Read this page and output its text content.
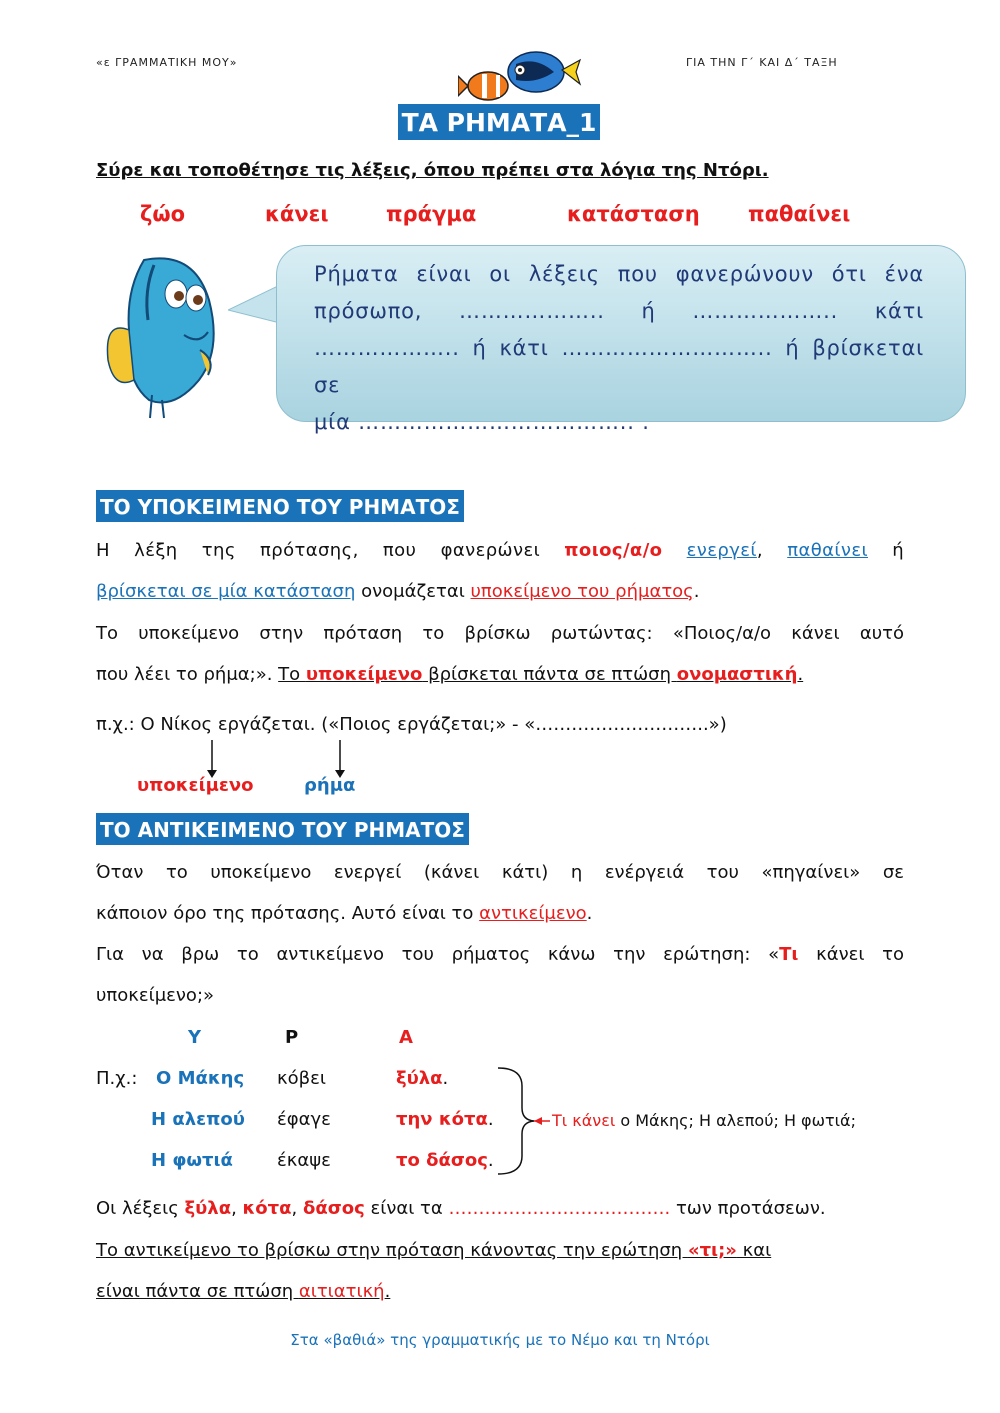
«ε ΓΡΑΜΜΑΤΙΚΗ ΜΟΥ»	ΓΙΑ ΤΗΝ Γ΄ ΚΑΙ Δ΄ ΤΑΞΗ
ΤΑ ΡΗΜΑΤΑ_1
Σύρε και τοποθέτησε τις λέξεις, όπου πρέπει στα λόγια της Ντόρι.
ζώο	κάνει	πράγμα	κατάσταση παθαίνει
Ρήματα είναι οι λέξεις που φανερώνουν ότι ένα
πρόσωπο, ……………….. ή ……………….. κάτι
……………….. ή κάτι ……………………….. ή βρίσκεται σε
μία ……………………………….. .
ΤΟ ΥΠΟΚΕΙΜΕΝΟ ΤΟΥ ΡΗΜΑΤΟΣ
Η λέξη της πρότασης, που φανερώνει ποιος/α/ο ενεργεί, παθαίνει ή
βρίσκεται σε μία κατάσταση ονομάζεται υποκείμενο του ρήματος.
Το υποκείμενο στην πρόταση το βρίσκω ρωτώντας: «Ποιος/α/ο κάνει αυτό
που λέει το ρήμα;». Το υποκείμενο βρίσκεται πάντα σε πτώση ονομαστική.
π.χ.: Ο Νίκος εργάζεται. («Ποιος εργάζεται;» - «………………………..»)
υποκείμενο	ρήμα
ΤΟ ΑΝΤΙΚΕΙΜΕΝΟ ΤΟΥ ΡΗΜΑΤΟΣ
Όταν το υποκείμενο ενεργεί (κάνει κάτι) η ενέργειά του «πηγαίνει» σε
κάποιον όρο της πρότασης. Αυτό είναι το αντικείμενο.
Για να βρω το αντικείμενο του ρήματος κάνω την ερώτηση: «Τι κάνει το
υποκείμενο;»
Υ	Ρ	Α
Π.χ.: Ο Μάκης κόβει	ξύλα.
Η αλεπού έφαγε	την κότα.
Η φωτιά έκαψε	το δάσος.
Τι κάνει ο Μάκης; Η αλεπού; Η φωτιά;
Οι λέξεις ξύλα, κότα, δάσος είναι τα ………………………………. των προτάσεων.
Το αντικείμενο το βρίσκω στην πρόταση κάνοντας την ερώτηση «τι;» και
είναι πάντα σε πτώση αιτιατική.
Στα «βαθιά» της γραμματικής με το Νέμο και τη Ντόρι
